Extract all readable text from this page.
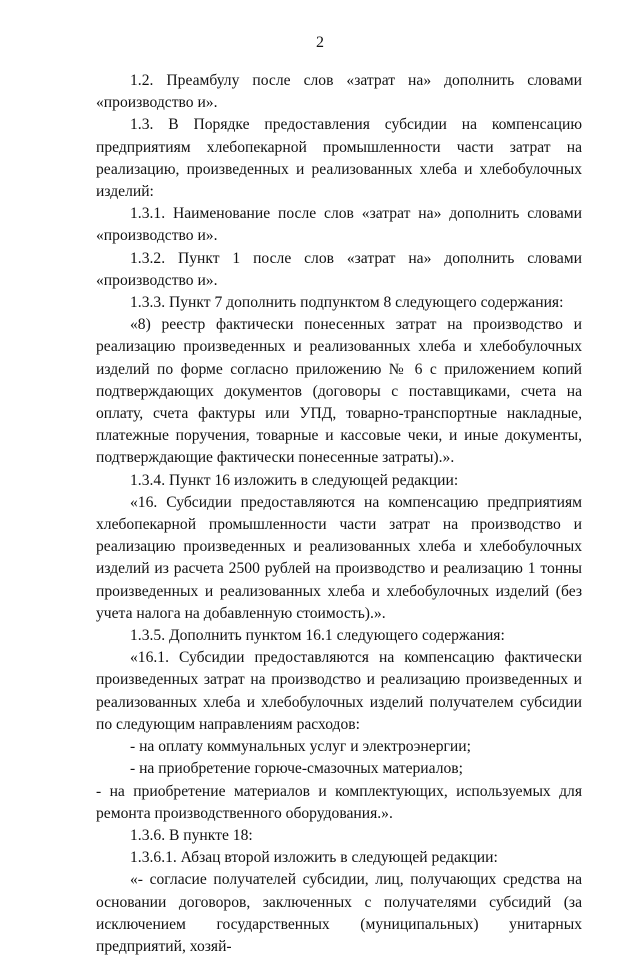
2

1.2. Преамбулу после слов «затрат на» дополнить словами «производство и».

1.3. В Порядке предоставления субсидии на компенсацию предприятиям хлебопекарной промышленности части затрат на реализацию, произведенных и реализованных хлеба и хлебобулочных изделий:

1.3.1. Наименование после слов «затрат на» дополнить словами «производство и».

1.3.2. Пункт 1 после слов «затрат на» дополнить словами «производство и».

1.3.3. Пункт 7 дополнить подпунктом 8 следующего содержания:

«8) реестр фактически понесенных затрат на производство и реализацию произведенных и реализованных хлеба и хлебобулочных изделий по форме согласно приложению № 6 с приложением копий подтверждающих документов (договоры с поставщиками, счета на оплату, счета фактуры или УПД, товарно-транспортные накладные, платежные поручения, товарные и кассовые чеки, и иные документы, подтверждающие фактически понесенные затраты).».

1.3.4. Пункт 16 изложить в следующей редакции:

«16. Субсидии предоставляются на компенсацию предприятиям хлебопекарной промышленности части затрат на производство и реализацию произведенных и реализованных хлеба и хлебобулочных изделий из расчета 2500 рублей на производство и реализацию 1 тонны произведенных и реализованных хлеба и хлебобулочных изделий (без учета налога на добавленную стоимость).».

1.3.5. Дополнить пунктом 16.1 следующего содержания:

«16.1. Субсидии предоставляются на компенсацию фактически произведенных затрат на производство и реализацию произведенных и реализованных хлеба и хлебобулочных изделий получателем субсидии по следующим направлениям расходов:

- на оплату коммунальных услуг и электроэнергии;

- на приобретение горюче-смазочных материалов;

- на приобретение материалов и комплектующих, используемых для ремонта производственного оборудования.».

1.3.6. В пункте 18:

1.3.6.1. Абзац второй изложить в следующей редакции:

«- согласие получателей субсидии, лиц, получающих средства на основании договоров, заключенных с получателями субсидий (за исключением государственных (муниципальных) унитарных предприятий, хозяй-
